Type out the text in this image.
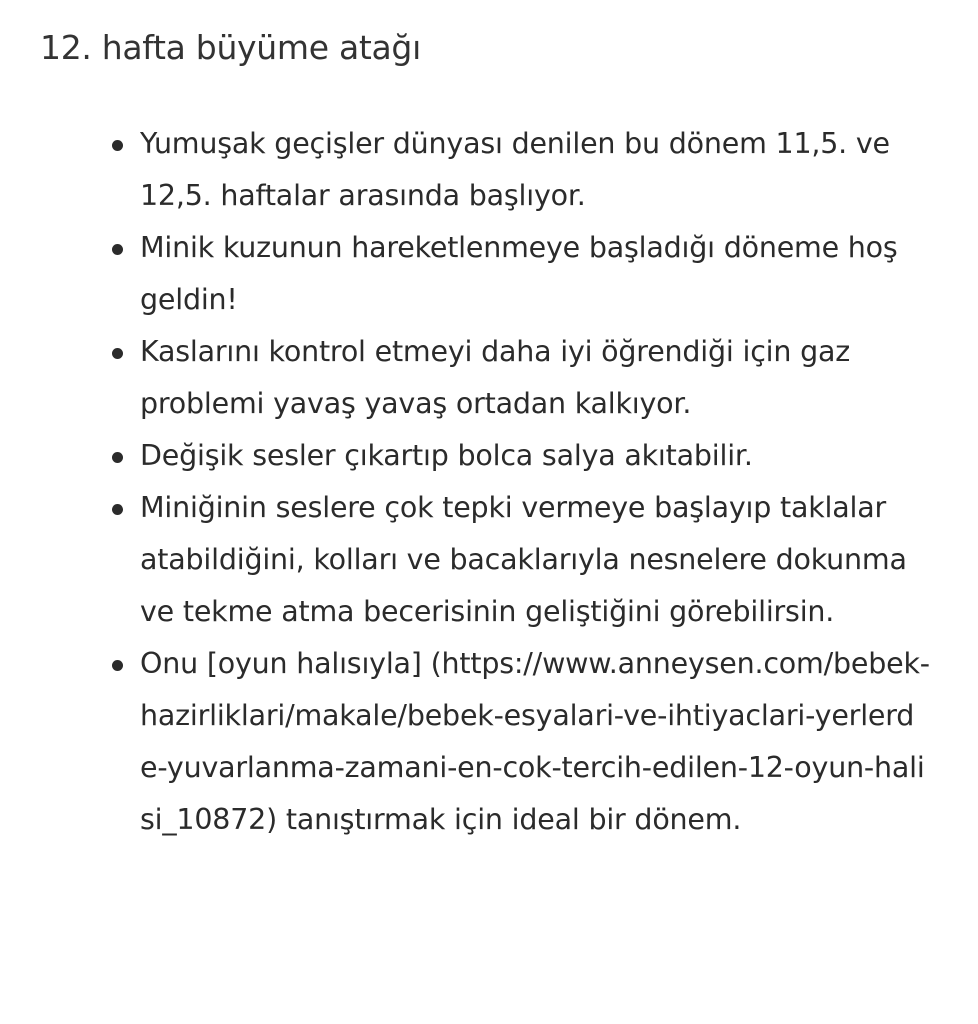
12. hafta büyüme atağı
Yumuşak geçişler dünyası denilen bu dönem 11,5. ve 12,5. haftalar arasında başlıyor.
Minik kuzunun hareketlenmeye başladığı döneme hoş geldin!
Kaslarını kontrol etmeyi daha iyi öğrendiği için gaz problemi yavaş yavaş ortadan kalkıyor.
Değişik sesler çıkartıp bolca salya akıtabilir.
Miniğinin seslere çok tepki vermeye başlayıp taklalar atabildiğini, kolları ve bacaklarıyla nesnelere dokunma ve tekme atma becerisinin geliştiğini görebilirsin.
Onu [oyun halısıyla] (https://www.anneysen.com/bebek-hazirliklari/makale/bebek-esyalari-ve-ihtiyaclari-yerlerde-yuvarlanma-zamani-en-cok-tercih-edilen-12-oyun-halisi_10872) tanıştırmak için ideal bir dönem.
